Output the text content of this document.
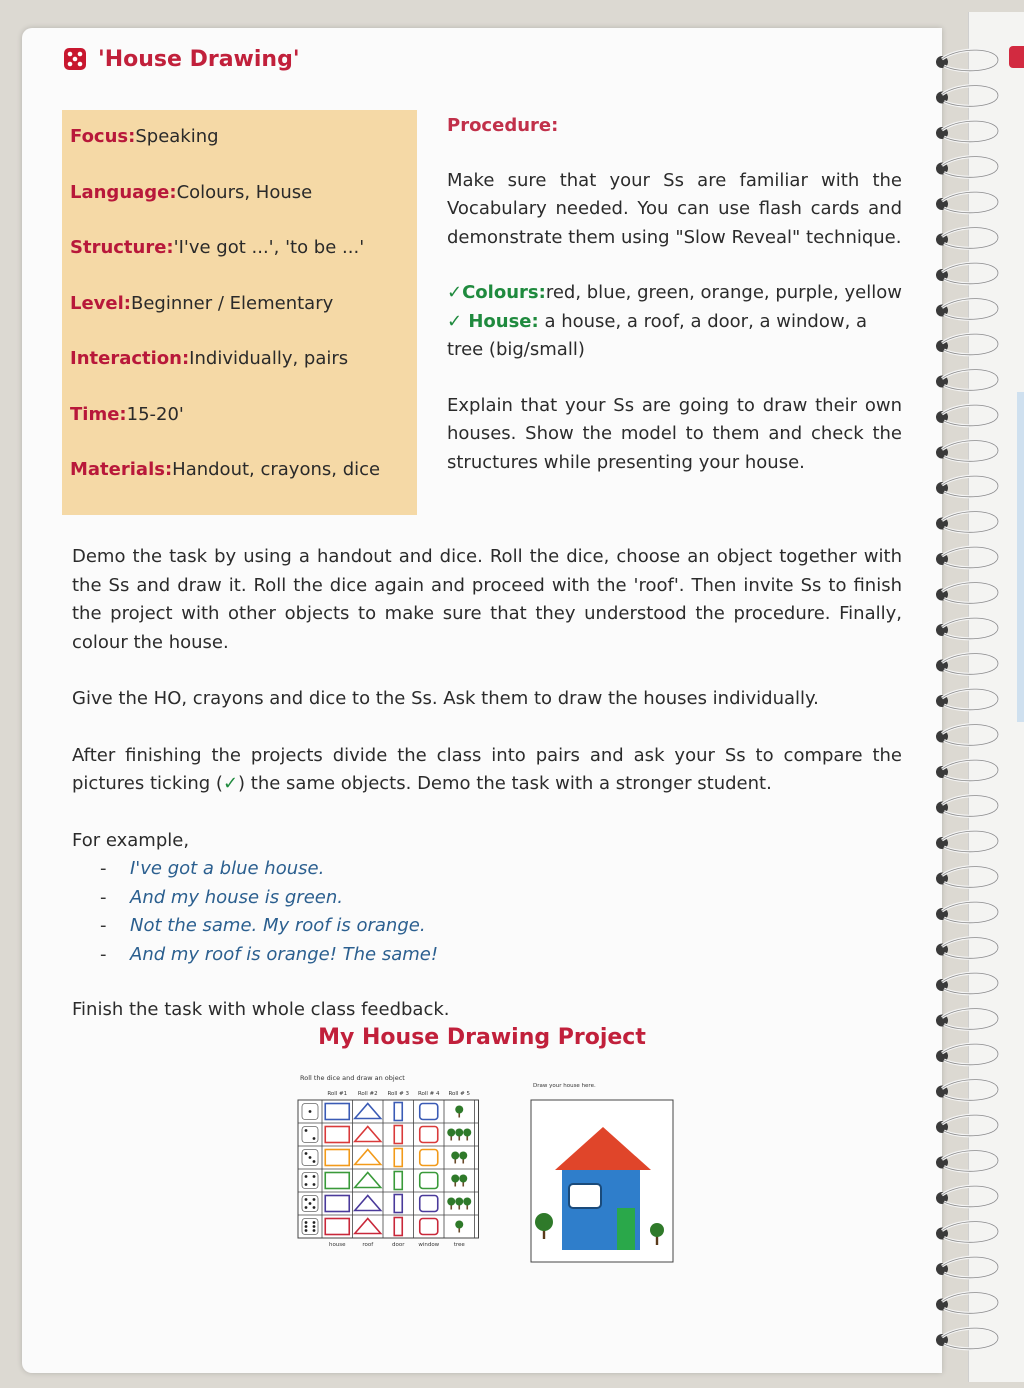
'House Drawing'
Focus:Speaking
Language:Colours, House
Structure:'I've got ...', 'to be ...'
Level:Beginner / Elementary
Interaction:Individually, pairs
Time:15-20'
Materials:Handout, crayons, dice
Procedure:

Make sure that your Ss are familiar with the Vocabulary needed. You can use flash cards and demonstrate them using "Slow Reveal" technique.

✓Colours:red, blue, green, orange, purple, yellow
✓ House: a house, a roof, a door, a window, a tree (big/small)

Explain that your Ss are going to draw their own houses. Show the model to them and check the structures while presenting your house.

Demo the task by using a handout and dice. Roll the dice, choose an object together with the Ss and draw it. Roll the dice again and proceed with the 'roof'. Then invite Ss to finish the project with other objects to make sure that they understood the procedure. Finally, colour the house.

Give the HO, crayons and dice to the Ss. Ask them to draw the houses individually.

After finishing the projects divide the class into pairs and ask your Ss to compare the pictures ticking (✓) the same objects. Demo the task with a stronger student.

For example,
- I've got a blue house.
- And my house is green.
- Not the same. My roof is orange.
- And my roof is orange! The same!
Finish the task with whole class feedback.
My House Drawing Project
Roll the dice and draw an object
Roll #1 Roll #2 Roll # 3 Roll # 4 Roll # 5
house	roof	door	window	tree
Draw your house here.
